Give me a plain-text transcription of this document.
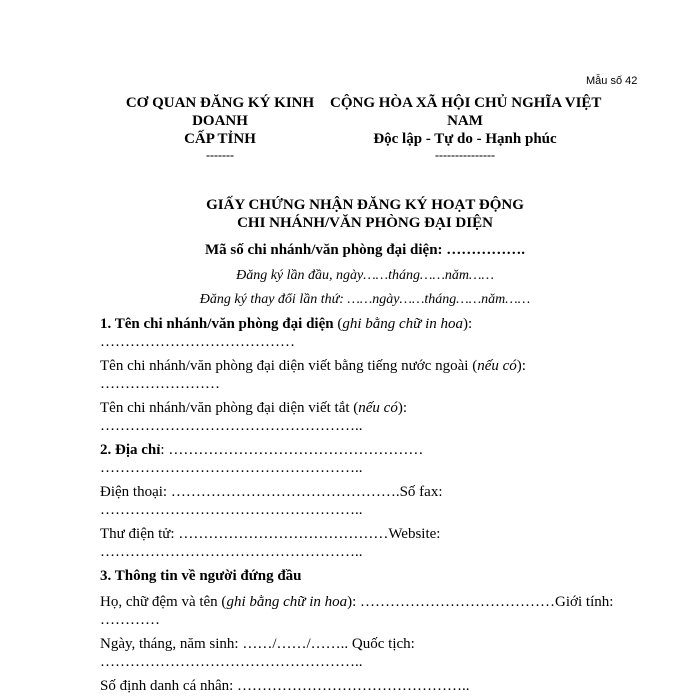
Mẫu số 42
CƠ QUAN ĐĂNG KÝ KINH
DOANH
CẤP TỈNH
-------
CỘNG HÒA XÃ HỘI CHỦ NGHĨA VIỆT
NAM
Độc lập - Tự do - Hạnh phúc
---------------
GIẤY CHỨNG NHẬN ĐĂNG KÝ HOẠT ĐỘNG
CHI NHÁNH/VĂN PHÒNG ĐẠI DIỆN
Mã số chi nhánh/văn phòng đại diện: …………….
Đăng ký lần đầu, ngày……tháng……năm……
Đăng ký thay đổi lần thứ: ……ngày……tháng……năm……
1. Tên chi nhánh/văn phòng đại diện (ghi bằng chữ in hoa):
…………………………………
Tên chi nhánh/văn phòng đại diện viết bằng tiếng nước ngoài (nếu có):
……………………
Tên chi nhánh/văn phòng đại diện viết tắt (nếu có):
……………………………………………..
2. Địa chỉ: ……………………………………………
……………………………………………..
Điện thoại: ……………………………………….Số fax:
……………………………………………..
Thư điện tử: ……………………………………Website:
……………………………………………..
3. Thông tin về người đứng đầu
Họ, chữ đệm và tên (ghi bằng chữ in hoa): …………………………………Giới tính:
…………
Ngày, tháng, năm sinh: ……/……/…….. Quốc tịch:
……………………………………………..
Số định danh cá nhân: ………………………………………..
